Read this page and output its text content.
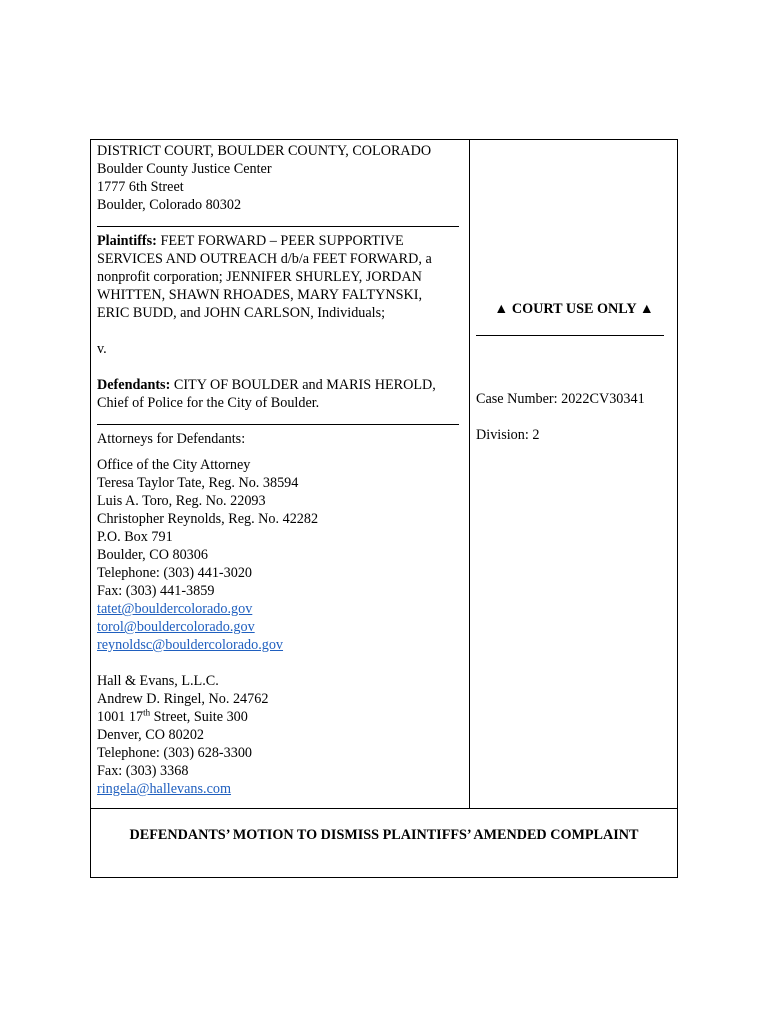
DISTRICT COURT, BOULDER COUNTY, COLORADO
Boulder County Justice Center
1777 6th Street
Boulder, Colorado 80302
Plaintiffs: FEET FORWARD – PEER SUPPORTIVE
SERVICES AND OUTREACH d/b/a FEET FORWARD, a
nonprofit corporation; JENNIFER SHURLEY, JORDAN
WHITTEN, SHAWN RHOADES, MARY FALTYNSKI,
ERIC BUDD, and JOHN CARLSON, Individuals;
v.
Defendants: CITY OF BOULDER and MARIS HEROLD,
Chief of Police for the City of Boulder.
Attorneys for Defendants:
Office of the City Attorney
Teresa Taylor Tate, Reg. No. 38594
Luis A. Toro, Reg. No. 22093
Christopher Reynolds, Reg. No. 42282
P.O. Box 791
Boulder, CO 80306
Telephone: (303) 441-3020
Fax: (303) 441-3859
tatet@bouldercolorado.gov
torol@bouldercolorado.gov
reynoldsc@bouldercolorado.gov
Hall & Evans, L.L.C.
Andrew D. Ringel, No. 24762
1001 17th Street, Suite 300
Denver, CO 80202
Telephone: (303) 628-3300
Fax: (303) 3368
ringela@hallevans.com
▲ COURT USE ONLY ▲
Case Number: 2022CV30341
Division: 2
DEFENDANTS’ MOTION TO DISMISS PLAINTIFFS’ AMENDED COMPLAINT
